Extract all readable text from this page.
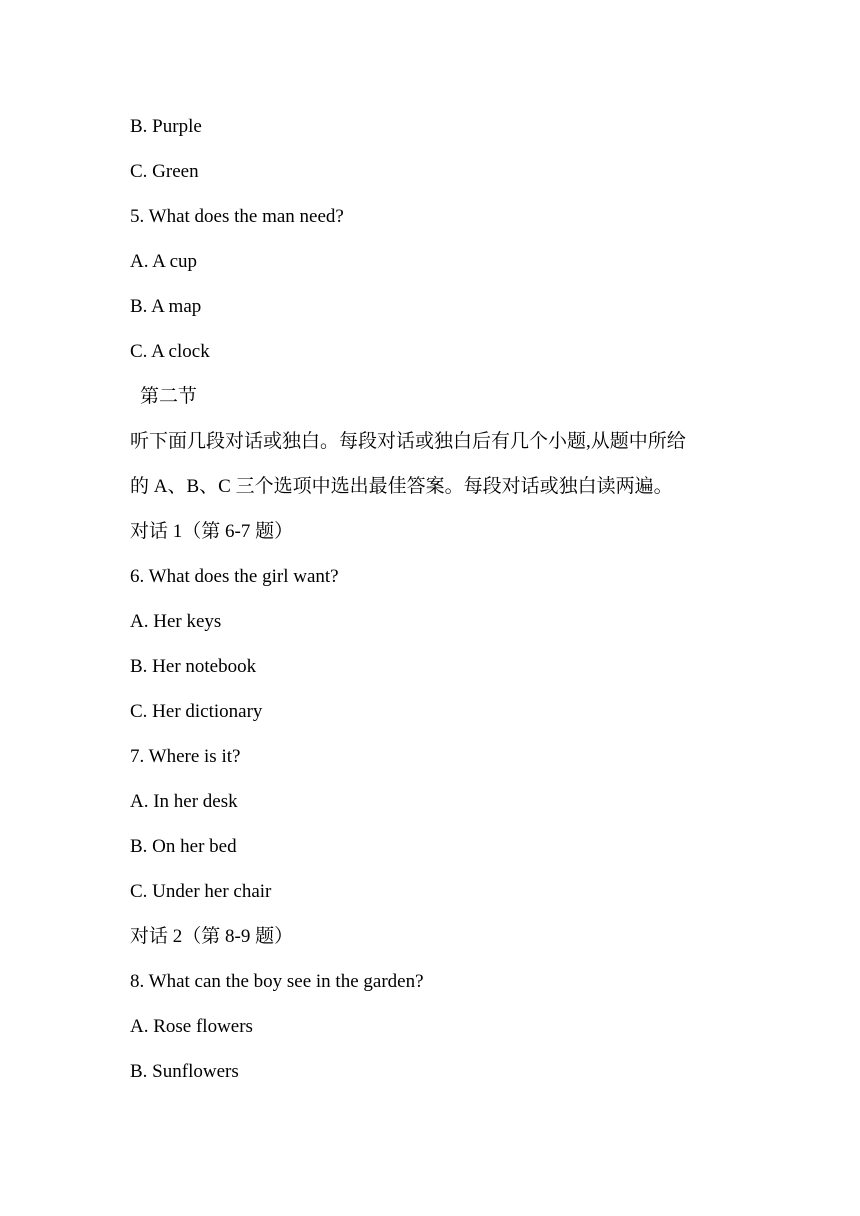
B. Purple
C. Green
5. What does the man need?
A. A cup
B. A map
C. A clock
第二节
听下面几段对话或独白。每段对话或独白后有几个小题,从题中所给
的 A、B、C 三个选项中选出最佳答案。每段对话或独白读两遍。
对话 1（第 6-7 题）
6. What does the girl want?
A. Her keys
B. Her notebook
C. Her dictionary
7. Where is it?
A. In her desk
B. On her bed
C. Under her chair
对话 2（第 8-9 题）
8. What can the boy see in the garden?
A. Rose flowers
B. Sunflowers
